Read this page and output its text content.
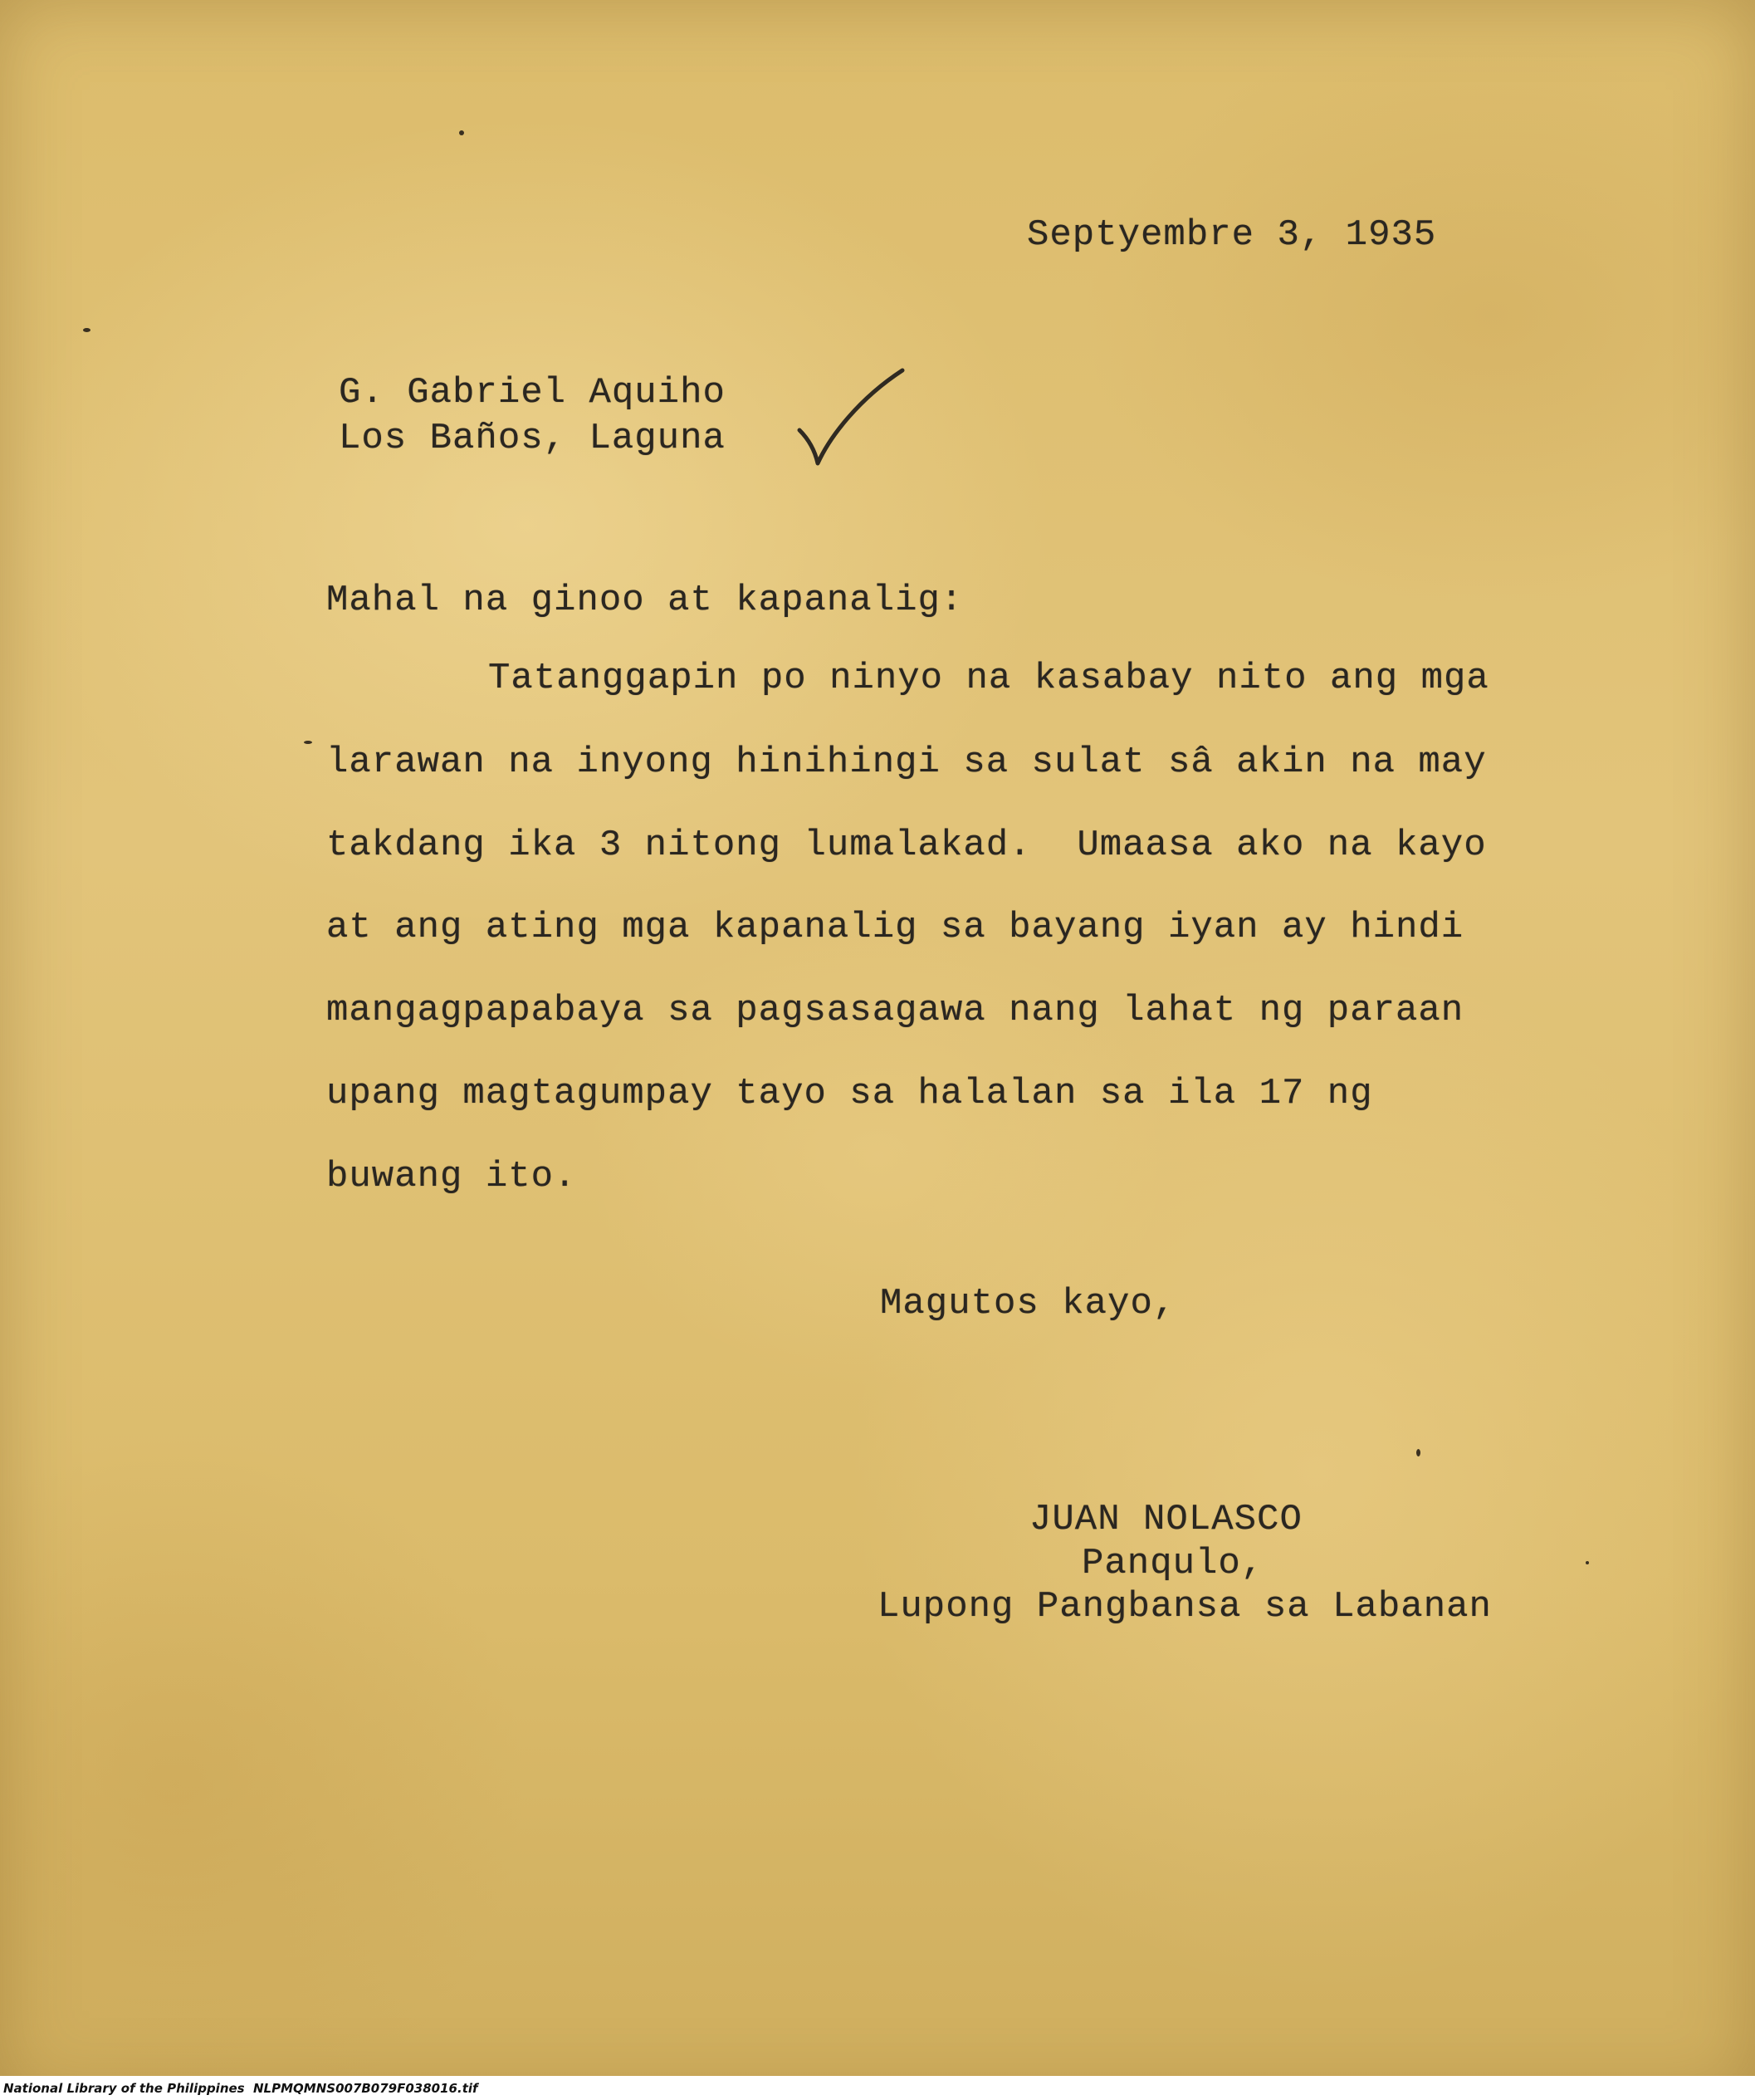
Septyembre 3, 1935
G. Gabriel Aquiho
Los Baños, Laguna
Mahal na ginoo at kapanalig:
Tatanggapin po ninyo na kasabay nito ang mga
larawan na inyong hinihingi sa sulat sâ akin na may
takdang ika 3 nitong lumalakad.  Umaasa ako na kayo
at ang ating mga kapanalig sa bayang iyan ay hindi
mangagpapabaya sa pagsasagawa nang lahat ng paraan
upang magtagumpay tayo sa halalan sa ila 17 ng
buwang ito.
Magutos kayo,
JUAN NOLASCO
Panqulo,
Lupong Pangbansa sa Labanan
National Library of the Philippines NLPMQMNS007B079F038016.tif
